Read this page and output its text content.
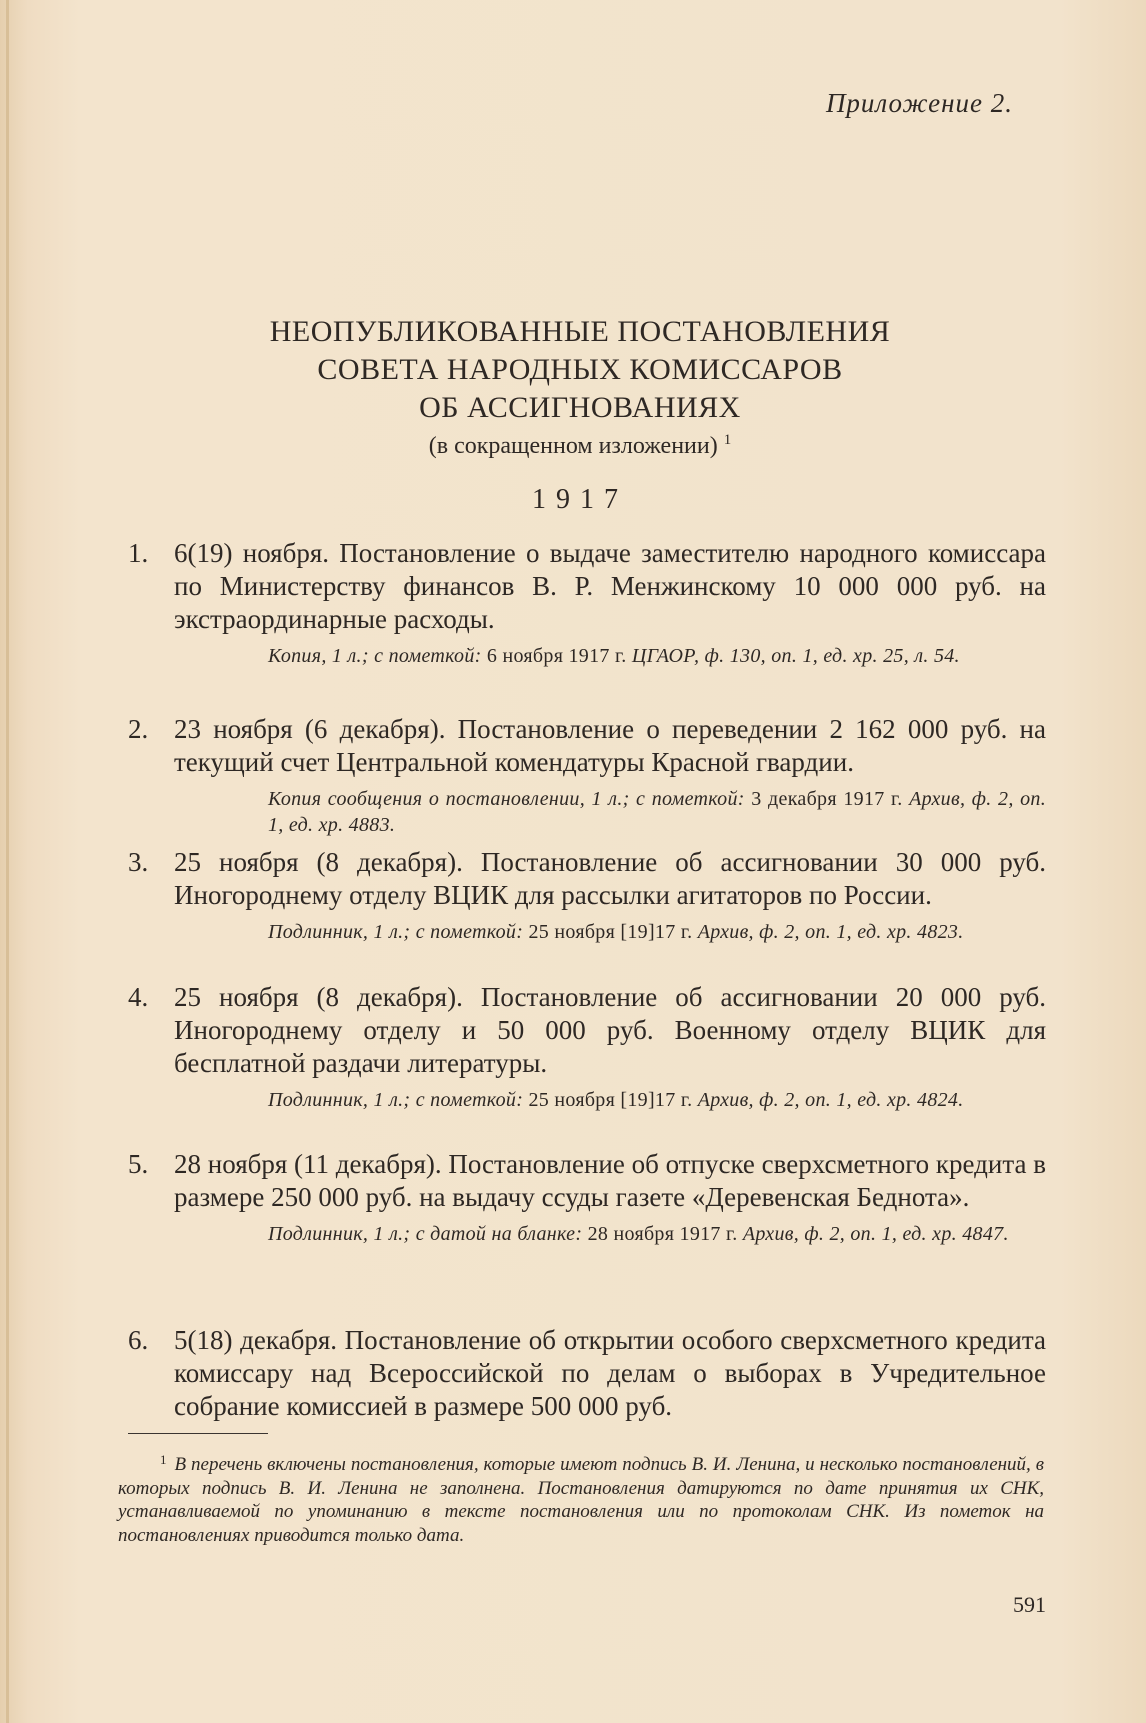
Приложение 2.
НЕОПУБЛИКОВАННЫЕ ПОСТАНОВЛЕНИЯ
СОВЕТА НАРОДНЫХ КОМИССАРОВ
ОБ АССИГНОВАНИЯХ
(в сокращенном изложении) $^1$
1917
1. 6(19) ноября. Постановление о выдаче заместителю народного комиссара по Министерству финансов В. Р. Менжинскому 10 000 000 руб. на экстраординарные расходы.
Копия, 1 л.; с пометкой: 6 ноября 1917 г. ЦГАОР, ф. 130, оп. 1, ед. хр. 25, л. 54.
2. 23 ноября (6 декабря). Постановление о переведении 2 162 000 руб. на текущий счет Центральной комендатуры Красной гвардии.
Копия сообщения о постановлении, 1 л.; с пометкой: 3 декабря 1917 г. Архив, ф. 2, оп. 1, ед. хр. 4883.
3. 25 ноября (8 декабря). Постановление об ассигновании 30 000 руб. Иногороднему отделу ВЦИК для рассылки агитаторов по России.
Подлинник, 1 л.; с пометкой: 25 ноября [19]17 г. Архив, ф. 2, оп. 1, ед. хр. 4823.
4. 25 ноября (8 декабря). Постановление об ассигновании 20 000 руб. Иногороднему отделу и 50 000 руб. Военному отделу ВЦИК для бесплатной раздачи литературы.
Подлинник, 1 л.; с пометкой: 25 ноября [19]17 г. Архив, ф. 2, оп. 1, ед. хр. 4824.
5. 28 ноября (11 декабря). Постановление об отпуске сверхсметного кредита в размере 250 000 руб. на выдачу ссуды газете «Деревенская Беднота».
Подлинник, 1 л.; с датой на бланке: 28 ноября 1917 г. Архив, ф. 2, оп. 1, ед. хр. 4847.
6. 5(18) декабря. Постановление об открытии особого сверхсметного кредита комиссару над Всероссийской по делам о выборах в Учредительное собрание комиссией в размере 500 000 руб.
$^1$ В перечень включены постановления, которые имеют подпись В. И. Ленина, и несколько постановлений, в которых подпись В. И. Ленина не заполнена. Постановления датируются по дате принятия их СНК, устанавливаемой по упоминанию в тексте постановления или по протоколам СНК. Из пометок на постановлениях приводится только дата.
591
